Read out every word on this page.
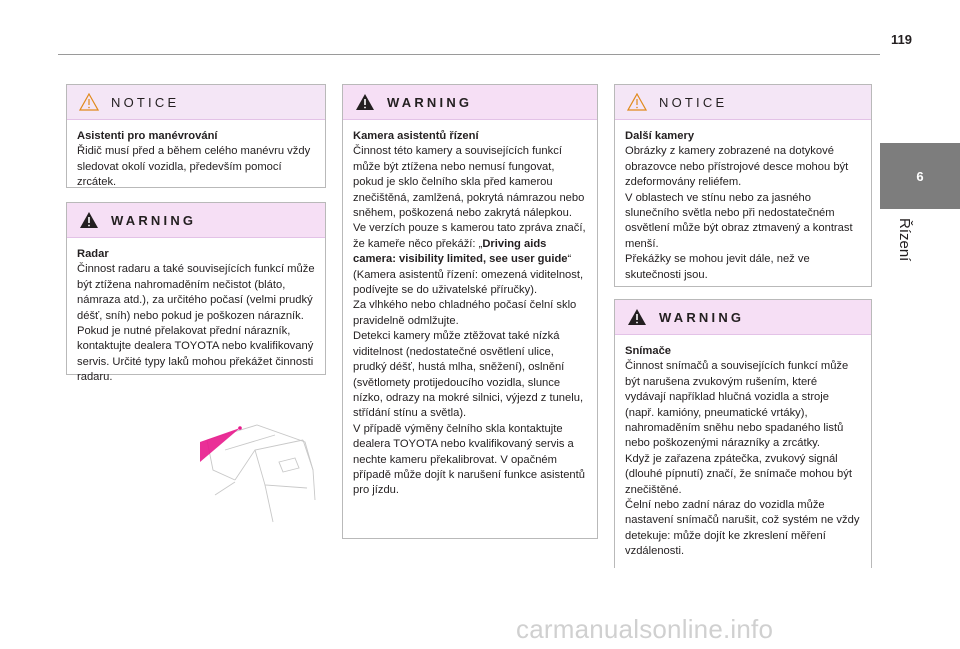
119
6
Řízení
NOTICE
Asistenti pro manévrování
Řidič musí před a během celého manévru vždy sledovat okolí vozidla, především pomocí zrcátek.
WARNING
Radar
Činnost radaru a také souvisejících funkcí může být ztížena nahromaděním nečistot (bláto, námraza atd.), za určitého počasí (velmi prudký déšť, sníh) nebo pokud je poškozen nárazník.
Pokud je nutné přelakovat přední nárazník, kontaktujte dealera TOYOTA nebo kvalifikovaný servis. Určité typy laků mohou překážet činnosti radaru.
WARNING
Kamera asistentů řízení
Činnost této kamery a souvisejících funkcí může být ztížena nebo nemusí fungovat, pokud je sklo čelního skla před kamerou znečištěná, zamlžená, pokrytá námrazou nebo sněhem, poškozená nebo zakrytá nálepkou.
Ve verzích pouze s kamerou tato zpráva značí, že kameře něco překáží: „Driving aids camera: visibility limited, see user guide“ (Kamera asistentů řízení: omezená viditelnost, podívejte se do uživatelské příručky).
Za vlhkého nebo chladného počasí čelní sklo pravidelně odmlžujte.
Detekci kamery může ztěžovat také nízká viditelnost (nedostatečné osvětlení ulice, prudký déšť, hustá mlha, sněžení), oslnění (světlomety protijedoucího vozidla, slunce nízko, odrazy na mokré silnici, výjezd z tunelu, střídání stínu a světla).
V případě výměny čelního skla kontaktujte dealera TOYOTA nebo kvalifikovaný servis a nechte kameru překalibrovat. V opačném případě může dojít k narušení funkce asistentů pro jízdu.
NOTICE
Další kamery
Obrázky z kamery zobrazené na dotykové obrazovce nebo přístrojové desce mohou být zdeformovány reliéfem.
V oblastech ve stínu nebo za jasného slunečního světla nebo při nedostatečném osvětlení může být obraz ztmavený a kontrast menší.
Překážky se mohou jevit dále, než ve skutečnosti jsou.
WARNING
Snímače
Činnost snímačů a souvisejících funkcí může být narušena zvukovým rušením, které vydávají například hlučná vozidla a stroje (např. kamióny, pneumatické vrtáky), nahromaděním sněhu nebo spadaného listů nebo poškozenými nárazníky a zrcátky.
Když je zařazena zpátečka, zvukový signál (dlouhé pípnutí) značí, že snímače mohou být znečištěné.
Čelní nebo zadní náraz do vozidla může nastavení snímačů narušit, což systém ne vždy detekuje: může dojít ke zkreslení měření vzdálenosti.
carmanualsonline.info
